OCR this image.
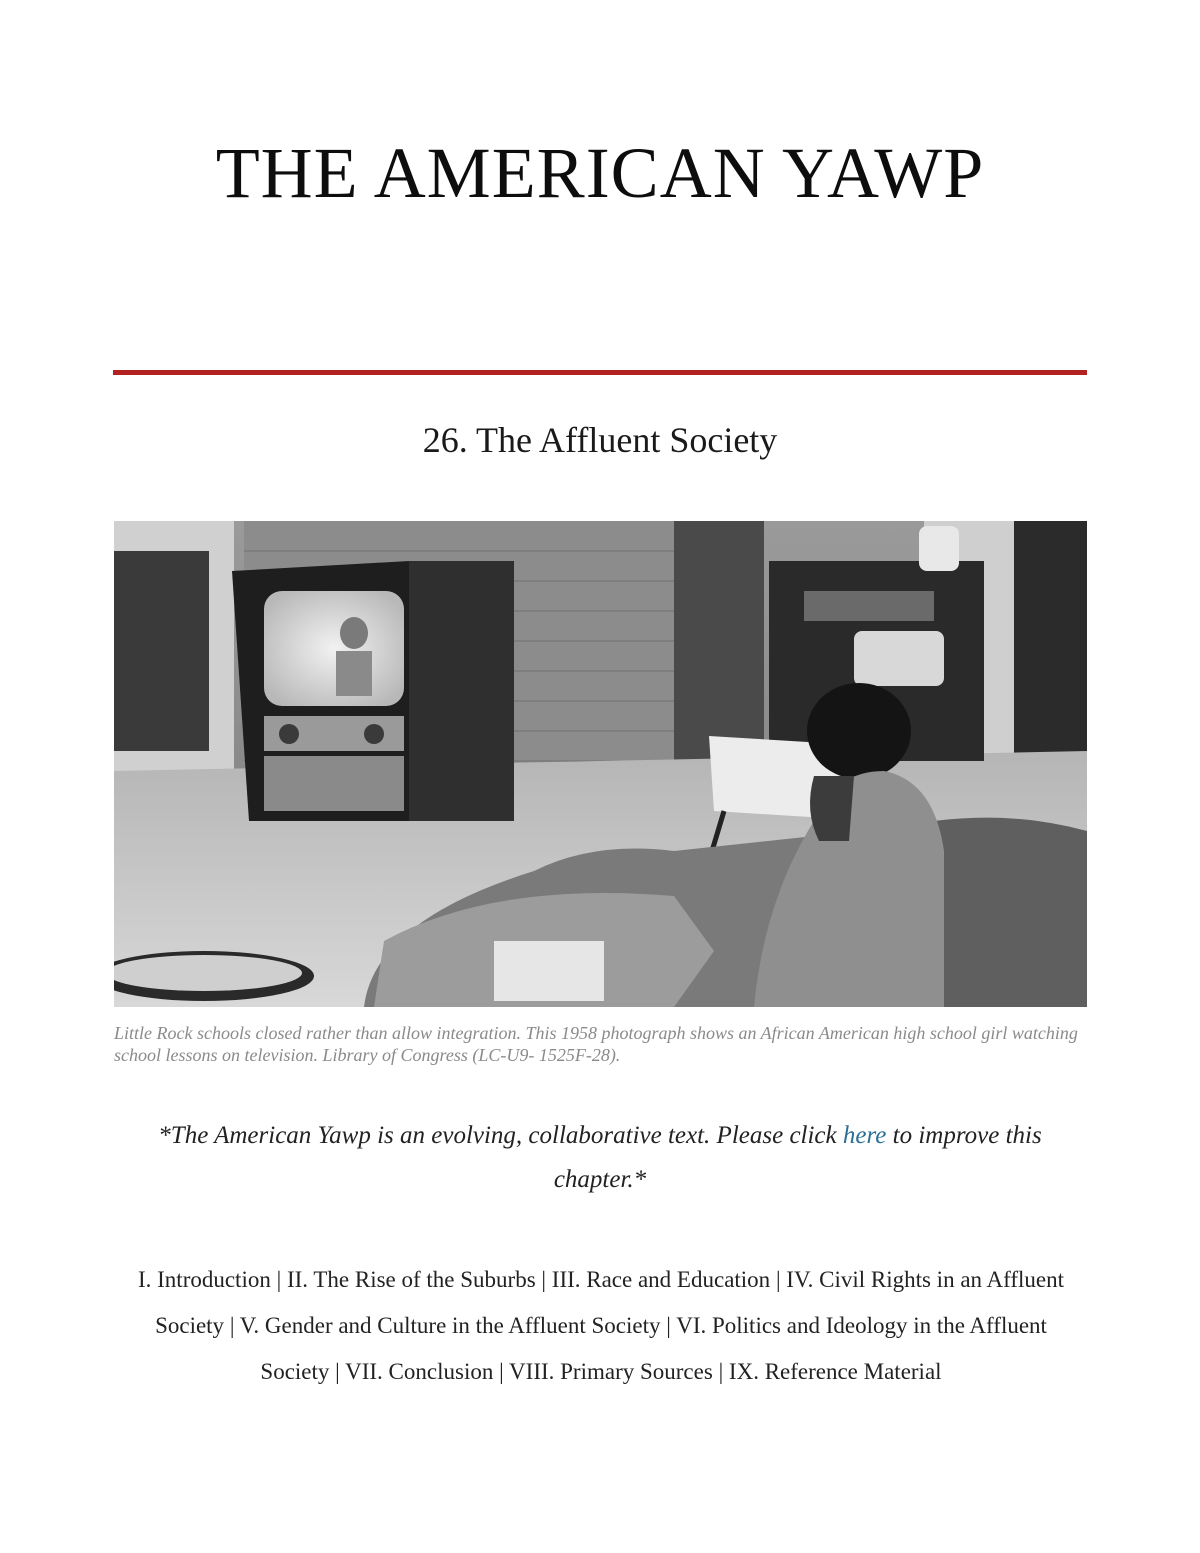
THE AMERICAN YAWP
26. The Affluent Society

Little Rock schools closed rather than allow integration. This 1958 photograph shows an African American high school girl watching school lessons on television. Library of Congress (LC-U9- 1525F-28).

*The American Yawp is an evolving, collaborative text. Please click here to improve this chapter.*

I. Introduction | II. The Rise of the Suburbs | III. Race and Education | IV. Civil Rights in an Affluent Society | V. Gender and Culture in the Affluent Society | VI. Politics and Ideology in the Affluent Society | VII. Conclusion | VIII. Primary Sources | IX. Reference Material
